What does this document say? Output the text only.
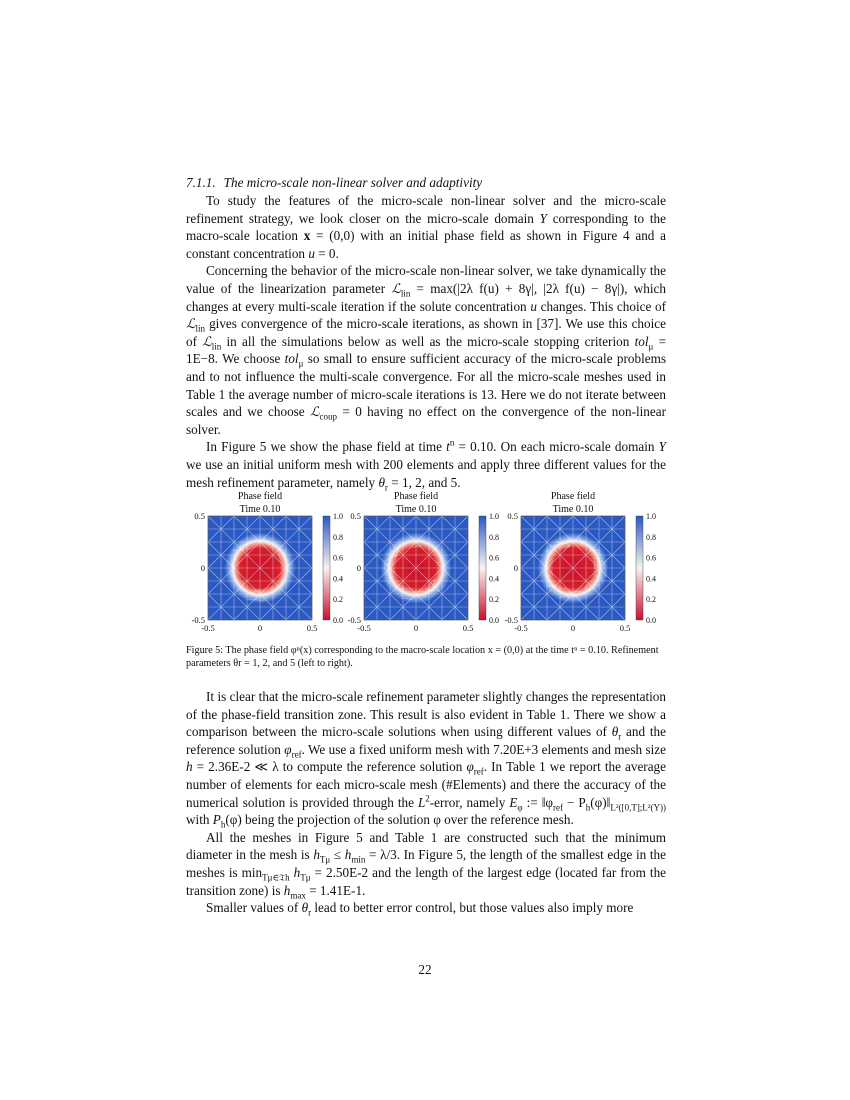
7.1.1. The micro-scale non-linear solver and adaptivity

To study the features of the micro-scale non-linear solver and the micro-scale refinement strategy, we look closer on the micro-scale domain Y corresponding to the macro-scale location x = (0,0) with an initial phase field as shown in Figure 4 and a constant concentration u = 0.

Concerning the behavior of the micro-scale non-linear solver, we take dynamically the value of the linearization parameter ℒ$_{lin}$ = max(|2λ f(u) + 8γ|, |2λ f(u) − 8γ|), which changes at every multi-scale iteration if the solute concentration u changes. This choice of ℒ$_{lin}$ gives convergence of the micro-scale iterations, as shown in [37]. We use this choice of ℒ$_{lin}$ in all the simulations below as well as the micro-scale stopping criterion tol$_\mu$ = 1E−8. We choose tol$_\mu$ so small to ensure sufficient accuracy of the micro-scale problems and to not influence the multi-scale convergence. For all the micro-scale meshes used in Table 1 the average number of micro-scale iterations is 13. Here we do not iterate between scales and we choose ℒ$_{coup}$ = 0 having no effect on the convergence of the non-linear solver.

In Figure 5 we show the phase field at time $t^n = 0.10$. On each micro-scale domain Y we use an initial uniform mesh with 200 elements and apply three different values for the mesh refinement parameter, namely $\theta_r = 1$, 2, and 5.

Phase field
Time 0.10
0.5
0
-0.5
-0.5	0	0.5
1.0
0.8
0.6
0.4
0.2
0.0
Phase field
Time 0.10
0.5
0
-0.5
-0.5	0	0.5
1.0
0.8
0.6
0.4
0.2
0.0
Phase field
Time 0.10
0.5
0
-0.5
-0.5	0	0.5
1.0
0.8
0.6
0.4
0.2
0.0
Figure 5: The phase field φⁿ(x) corresponding to the macro-scale location x = (0,0) at the time tⁿ = 0.10. Refinement parameters θr = 1, 2, and 5 (left to right).

It is clear that the micro-scale refinement parameter slightly changes the representation of the phase-field transition zone. This result is also evident in Table 1. There we show a comparison between the micro-scale solutions when using different values of $\theta_r$ and the reference solution $\varphi_{ref}$. We use a fixed uniform mesh with 7.20E+3 elements and mesh size h = 2.36E-2 ≪ λ to compute the reference solution $\varphi_{ref}$. In Table 1 we report the average number of elements for each micro-scale mesh (#Elements) and there the accuracy of the numerical solution is provided through the $L^2$-error, namely $E_\varphi$ := $‖\varphi_{ref}$ − $P_h(\varphi)‖_{L^2([0,T];L^2(Y))}$ with $P_h(\varphi)$ being the projection of the solution φ over the reference mesh.

All the meshes in Figure 5 and Table 1 are constructed such that the minimum diameter in the mesh is $h_{T\mu} \le h_{min} = \lambda/3$. In Figure 5, the length of the smallest edge in the meshes is $\min_{T\mu\in 𝔗h} h_{T\mu} = 2.50E-2$ and the length of the largest edge (located far from the transition zone) is $h_{max} = 1.41E-1$.

Smaller values of $\theta_r$ lead to better error control, but those values also imply more

22
